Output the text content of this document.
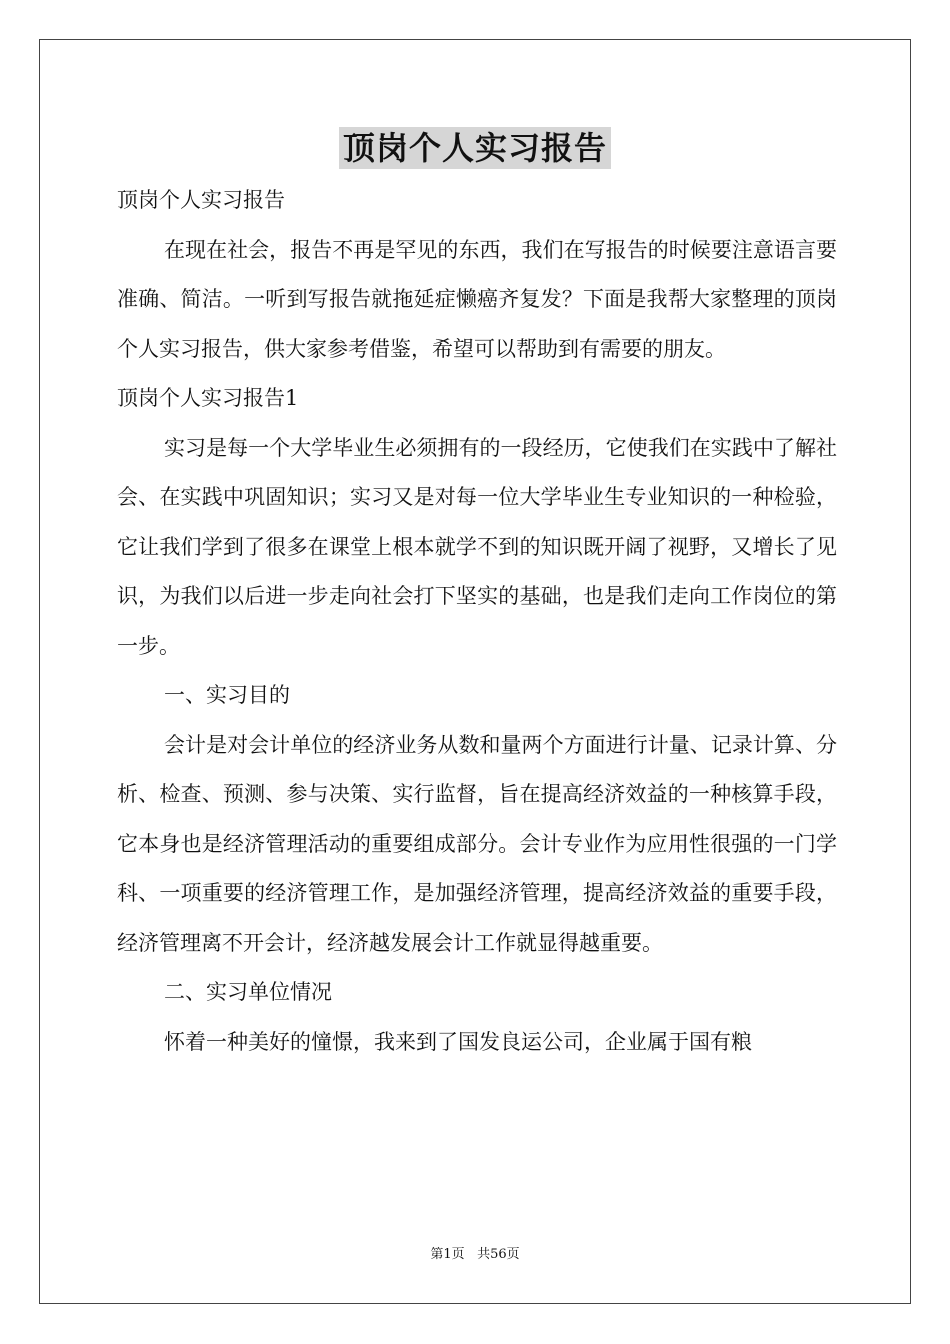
顶岗个人实习报告

顶岗个人实习报告

在现在社会，报告不再是罕见的东西，我们在写报告的时候要注意语言要准确、简洁。一听到写报告就拖延症懒癌齐复发？下面是我帮大家整理的顶岗个人实习报告，供大家参考借鉴，希望可以帮助到有需要的朋友。

顶岗个人实习报告1

实习是每一个大学毕业生必须拥有的一段经历，它使我们在实践中了解社会、在实践中巩固知识；实习又是对每一位大学毕业生专业知识的一种检验，它让我们学到了很多在课堂上根本就学不到的知识既开阔了视野，又增长了见识，为我们以后进一步走向社会打下坚实的基础，也是我们走向工作岗位的第一步。

一、实习目的

会计是对会计单位的经济业务从数和量两个方面进行计量、记录计算、分析、检查、预测、参与决策、实行监督，旨在提高经济效益的一种核算手段，它本身也是经济管理活动的重要组成部分。会计专业作为应用性很强的一门学科、一项重要的经济管理工作，是加强经济管理，提高经济效益的重要手段，经济管理离不开会计，经济越发展会计工作就显得越重要。

二、实习单位情况

怀着一种美好的憧憬，我来到了国发良运公司，企业属于国有粮

第1页 共56页
